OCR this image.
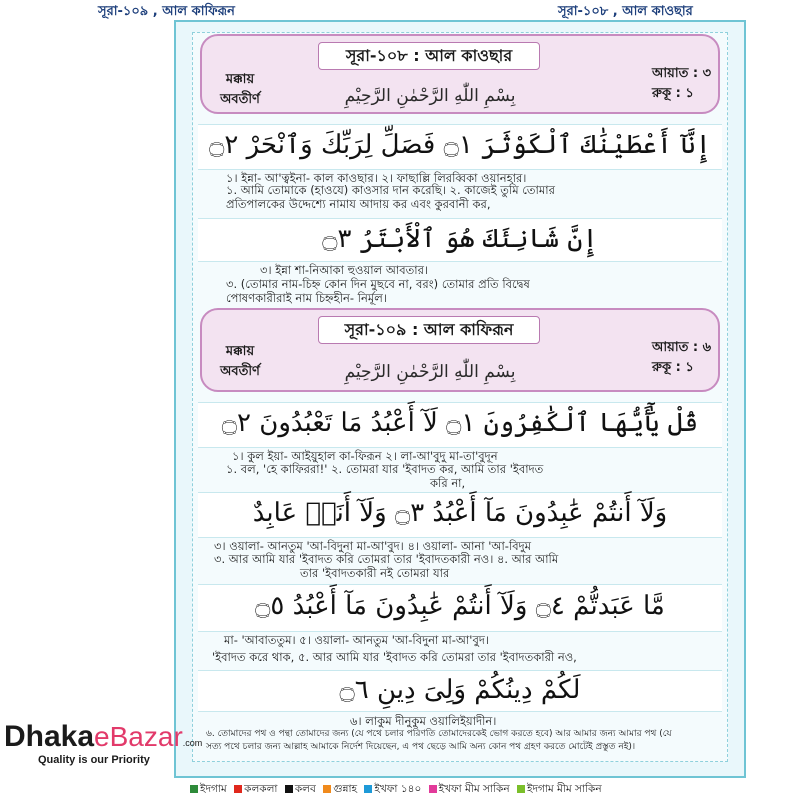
সূরা-১০৯ , আল কাফিরূন	সূরা-১০৮ , আল কাওছার
সূরা-১০৮ : আল কাওছার
মক্কায়
অবতীর্ণ
আয়াত : ৩
রুকূ : ১
بِسْمِ اللّٰهِ الرَّحْمٰنِ الرَّحِيْمِ
إِنَّآ أَعْطَيْنَٰكَ ٱلْكَوْثَرَ ۝١ فَصَلِّ لِرَبِّكَ وَٱنْحَرْ ۝٢
১। ইন্না- আ'ত্বইনা- কাল কাওছার। ২। ফাছাল্লি লিরব্বিকা ওয়ানহার।
১. আমি তোমাকে (হাওযে) কাওসার দান করেছি। ২. কাজেই তুমি তোমার
প্রতিপালকের উদ্দেশ্যে নামায আদায় কর এবং কুরবানী কর,
إِنَّ شَانِئَكَ هُوَ ٱلْأَبْتَرُ ۝٣
৩। ইন্না শা-নিআকা হুওয়াল আবতার।
৩. (তোমার নাম-চিহ্ন কোন দিন মুছবে না, বরং) তোমার প্রতি বিদ্বেষ
পোষণকারীরাই নাম চিহ্নহীন- নির্মূল।
সূরা-১০৯ : আল কাফিরূন
মক্কায়
অবতীর্ণ
আয়াত : ৬
রুকূ : ১
بِسْمِ اللّٰهِ الرَّحْمٰنِ الرَّحِيْمِ
قُلْ يَٰٓأَيُّهَا ٱلْكَٰفِرُونَ ۝١ لَآ أَعْبُدُ مَا تَعْبُدُونَ ۝٢
১। কুল ইয়া- আইয়ুহাল কা-ফিরূন ২। লা-আ'বুদু মা-তা'বুদূন
১. বল, 'হে কাফিররা!' ২. তোমরা যার 'ইবাদত কর, আমি তার 'ইবাদত
করি না,
وَلَآ أَنتُمْ عَٰبِدُونَ مَآ أَعْبُدُ ۝٣ وَلَآ أَنَا۠ عَابِدٌ
৩। ওয়ালা- আনতুম 'আ-বিদুনা মা-আ'বুদ। ৪। ওয়ালা- আনা 'আ-বিদুম
৩. আর আমি যার 'ইবাদত করি তোমরা তার 'ইবাদতকারী নও। ৪. আর আমি
তার 'ইবাদতকারী নই তোমরা যার
مَّا عَبَدتُّمْ ۝٤ وَلَآ أَنتُمْ عَٰبِدُونَ مَآ أَعْبُدُ ۝٥
মা- 'আবাততুম। ৫। ওয়ালা- আনতুম 'আ-বিদুনা মা-আ'বুদ।
'ইবাদত করে থাক, ৫. আর আমি যার 'ইবাদত করি তোমরা তার 'ইবাদতকারী নও,
لَكُمْ دِينُكُمْ وَلِىَ دِينِ ۝٦
৬। লাকুম দীনুকুম ওয়ালিইয়াদীন।
৬. তোমাদের পথ ও পন্থা তোমাদের জন্য (যে পথে চলার পরিণতি তোমাদেরকেই ভোগ করতে হবে) আর আমার জন্য আমার পথ (যে
সত্য পথে চলার জন্য আল্লাহ আমাকে নির্দেশ দিয়েছেন, এ পথ ছেড়ে আমি অন্য কোন পথ গ্রহণ করতে মোটেই প্রস্তুত নই)।
DhakaeBazar.com
Quality is our Priority
ইদগাম কলকলা কলব গুন্নাহ ইখফা ১৪০ ইখফা মীম সাকিন ইদগাম মীম সাকিন
